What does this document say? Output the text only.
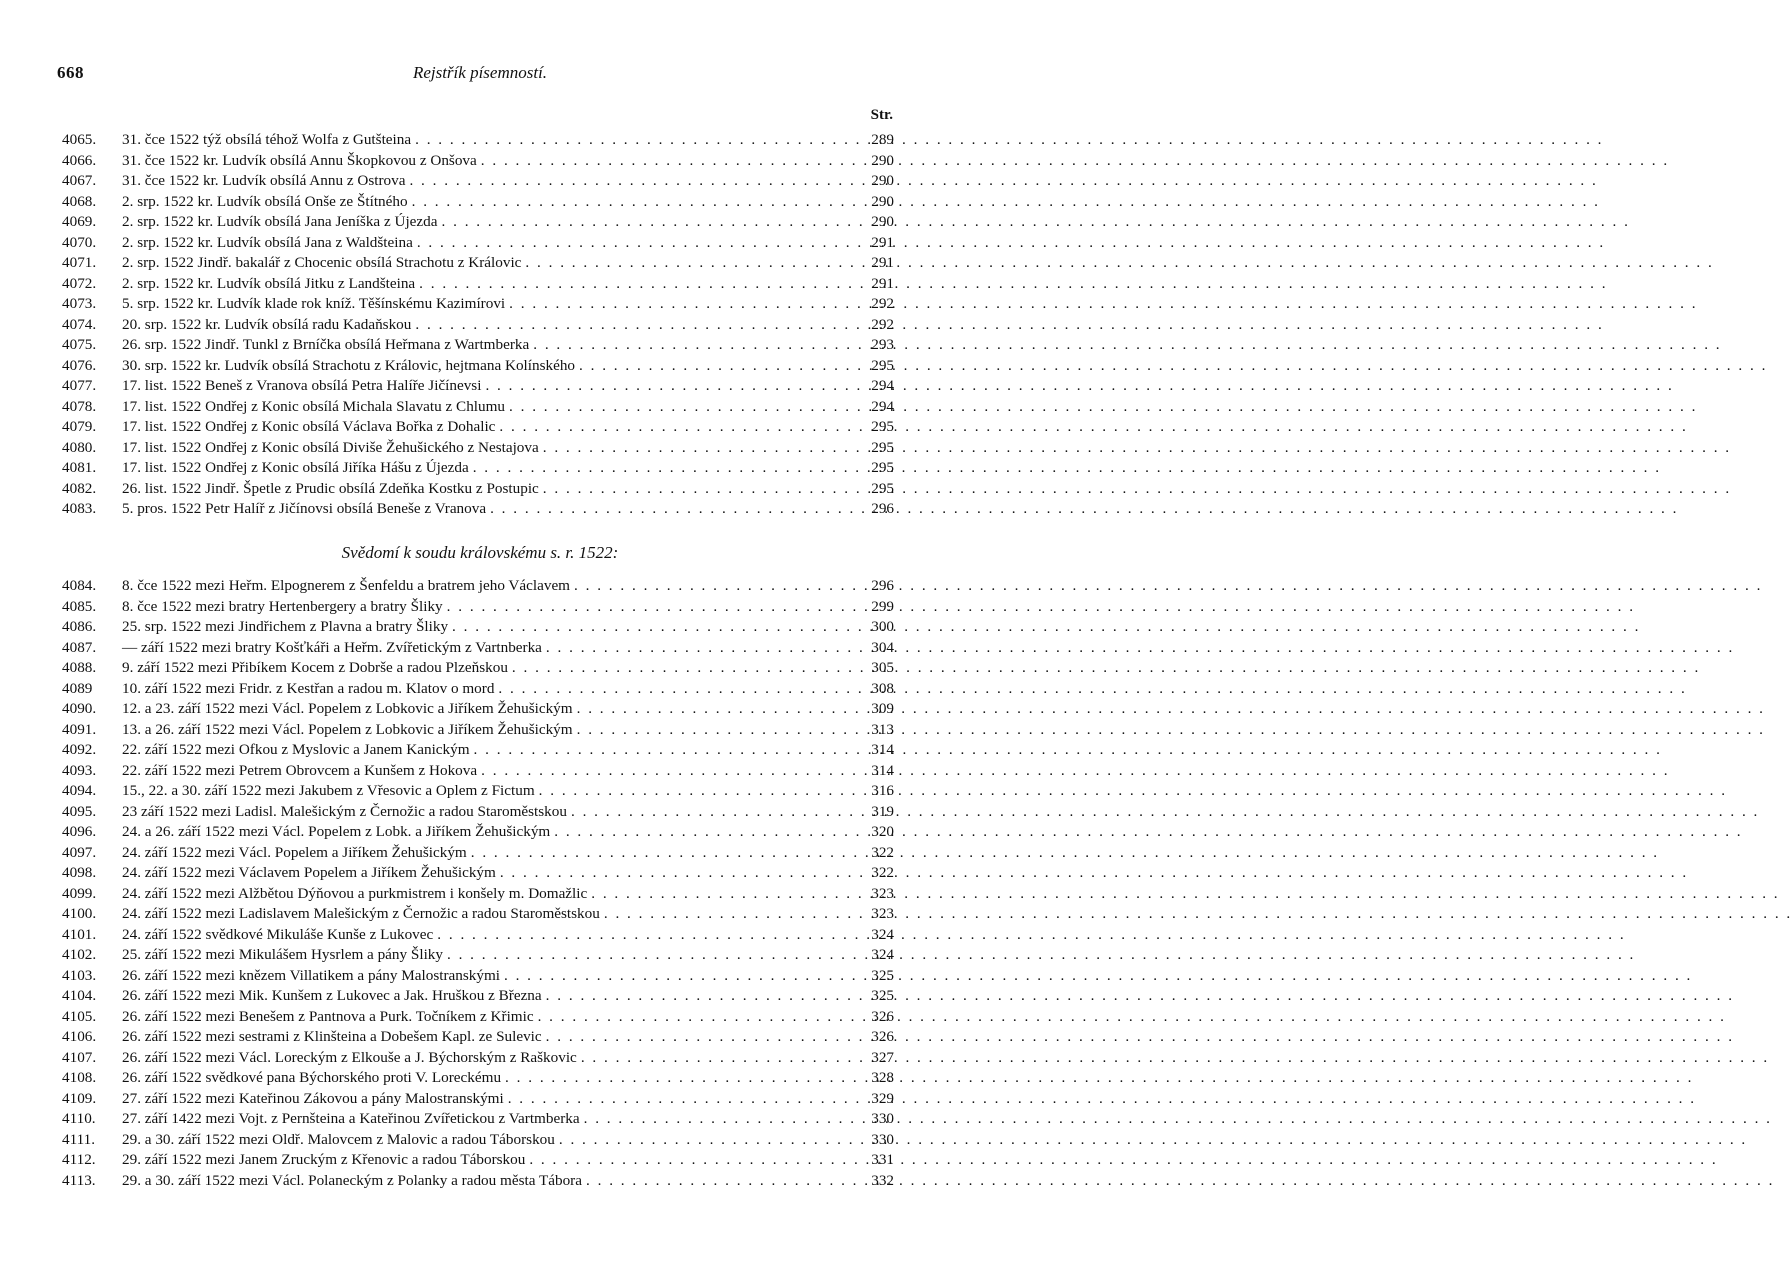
668	Rejstřík písemností.
Str.
4065.	31. čce 1522 týž obsílá téhož Wolfa z Gutšteina . . .	289
4066.	31. čce 1522 kr. Ludvík obsílá Annu Škopkovou z Onšova . . .	290
4067.	31. čce 1522 kr. Ludvík obsílá Annu z Ostrova . . .	290
4068.	2. srp. 1522 kr. Ludvík obsílá Onše ze Štítného . . .	290
4069.	2. srp. 1522 kr. Ludvík obsílá Jana Jeníška z Újezda . . .	290
4070.	2. srp. 1522 kr. Ludvík obsílá Jana z Waldšteina . . .	291
4071.	2. srp. 1522 Jindř. bakalář z Chocenic obsílá Strachotu z Královic . . .	291
4072.	2. srp. 1522 kr. Ludvík obsílá Jitku z Landšteina . . .	291
4073.	5. srp. 1522 kr. Ludvík klade rok kníž. Těšínskému Kazimírovi . . .	292
4074.	20. srp. 1522 kr. Ludvík obsílá radu Kadaňskou . . .	292
4075.	26. srp. 1522 Jindř. Tunkl z Brníčka obsílá Heřmana z Wartmberka . . .	293
4076.	30. srp. 1522 kr. Ludvík obsílá Strachotu z Královic, hejtmana Kolínského . . .	295
4077.	17. list. 1522 Beneš z Vranova obsílá Petra Halíře Jičínevsi . . .	294
4078.	17. list. 1522 Ondřej z Konic obsílá Michala Slavatu z Chlumu . . .	294
4079.	17. list. 1522 Ondřej z Konic obsílá Václava Bořka z Dohalic . . .	295
4080.	17. list. 1522 Ondřej z Konic obsílá Diviše Žehušického z Nestajova . . .	295
4081.	17. list. 1522 Ondřej z Konic obsílá Jiříka Hášu z Újezda . . .	295
4082.	26. list. 1522 Jindř. Špetle z Prudic obsílá Zdeňka Kostku z Postupic . . .	295
4083.	5. pros. 1522 Petr Halíř z Jičínovsi obsílá Beneše z Vranova . . .	296
Svědomí k soudu královskému s. r. 1522:
4084.	8. čce 1522 mezi Heřm. Elpognerem z Šenfeldu a bratrem jeho Václavem . . .	296
4085.	8. čce 1522 mezi bratry Hertenbergery a bratry Šliky . . .	299
4086.	25. srp. 1522 mezi Jindřichem z Plavna a bratry Šliky . . .	300
4087.	— září 1522 mezi bratry Košťkáři a Heřm. Zvířetickým z Vartnberka . . .	304
4088.	9. září 1522 mezi Přibíkem Kocem z Dobrše a radou Plzeňskou . . .	305
4089	10. září 1522 mezi Fridr. z Kestřan a radou m. Klatov o mord . . .	308
4090.	12. a 23. září 1522 mezi Václ. Popelem z Lobkovic a Jiříkem Žehušickým . . .	309
4091.	13. a 26. září 1522 mezi Václ. Popelem z Lobkovic a Jiříkem Žehušickým . . .	313
4092.	22. září 1522 mezi Ofkou z Myslovic a Janem Kanickým . . .	314
4093.	22. září 1522 mezi Petrem Obrovcem a Kunšem z Hokova . . .	314
4094.	15., 22. a 30. září 1522 mezi Jakubem z Vřesovic a Oplem z Fictum . . .	316
4095.	23 září 1522 mezi Ladisl. Malešickým z Černožic a radou Staroměstskou . . .	319
4096.	24. a 26. září 1522 mezi Václ. Popelem z Lobk. a Jiříkem Žehušickým . . .	320
4097.	24. září 1522 mezi Václ. Popelem a Jiříkem Žehušickým . . .	322
4098.	24. září 1522 mezi Václavem Popelem a Jiříkem Žehušickým . . .	322
4099.	24. září 1522 mezi Alžbětou Dýňovou a purkmistrem i konšely m. Domažlic . . .	323
4100.	24. září 1522 mezi Ladislavem Malešickým z Černožic a radou Staroměstskou . . .	323
4101.	24. září 1522 svědkové Mikuláše Kunše z Lukovec . . .	324
4102.	25. září 1522 mezi Mikulášem Hysrlem a pány Šliky . . .	324
4103.	26. září 1522 mezi knězem Villatikem a pány Malostranskými . . .	325
4104.	26. září 1522 mezi Mik. Kunšem z Lukovec a Jak. Hruškou z Března . . .	325
4105.	26. září 1522 mezi Benešem z Pantnova a Purk. Točníkem z Křimic . . .	326
4106.	26. září 1522 mezi sestrami z Klinšteina a Dobešem Kapl. ze Sulevic . . .	326
4107.	26. září 1522 mezi Václ. Loreckým z Elkouše a J. Býchorským z Raškovic . . .	327
4108.	26. září 1522 svědkové pana Býchorského proti V. Loreckému . . .	328
4109.	27. září 1522 mezi Kateřinou Zákovou a pány Malostranskými . . .	329
4110.	27. září 1422 mezi Vojt. z Pernšteina a Kateřinou Zvířetickou z Vartmberka . . .	330
4111.	29. a 30. září 1522 mezi Oldř. Malovcem z Malovic a radou Táborskou . . .	330
4112.	29. září 1522 mezi Janem Zruckým z Křenovic a radou Táborskou . . .	331
4113.	29. a 30. září 1522 mezi Václ. Polaneckým z Polanky a radou města Tábora . . .	332
